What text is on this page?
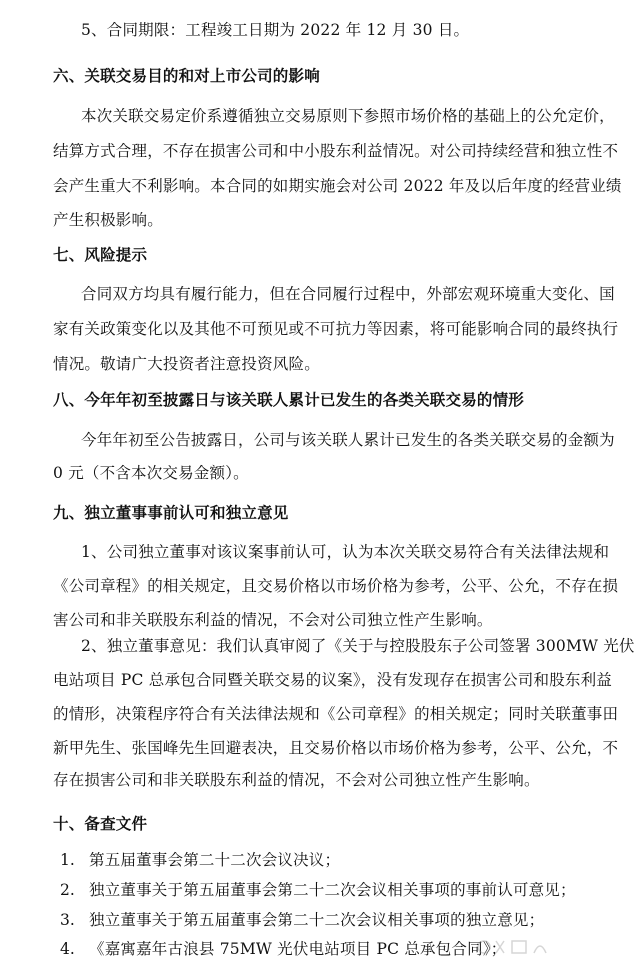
5、合同期限：工程竣工日期为 2022 年 12 月 30 日。
六、关联交易目的和对上市公司的影响
本次关联交易定价系遵循独立交易原则下参照市场价格的基础上的公允定价，
结算方式合理，不存在损害公司和中小股东利益情况。对公司持续经营和独立性不
会产生重大不利影响。本合同的如期实施会对公司 2022 年及以后年度的经营业绩
产生积极影响。
七、风险提示
合同双方均具有履行能力，但在合同履行过程中，外部宏观环境重大变化、国
家有关政策变化以及其他不可预见或不可抗力等因素，将可能影响合同的最终执行
情况。敬请广大投资者注意投资风险。
八、今年年初至披露日与该关联人累计已发生的各类关联交易的情形
今年年初至公告披露日，公司与该关联人累计已发生的各类关联交易的金额为
0 元（不含本次交易金额）。
九、独立董事事前认可和独立意见
1、公司独立董事对该议案事前认可，认为本次关联交易符合有关法律法规和
《公司章程》的相关规定，且交易价格以市场价格为参考，公平、公允，不存在损
害公司和非关联股东利益的情况，不会对公司独立性产生影响。
2、独立董事意见：我们认真审阅了《关于与控股股东子公司签署 300MW 光伏
电站项目 PC 总承包合同暨关联交易的议案》，没有发现存在损害公司和股东利益
的情形，决策程序符合有关法律法规和《公司章程》的相关规定；同时关联董事田
新甲先生、张国峰先生回避表决，且交易价格以市场价格为参考，公平、公允，不
存在损害公司和非关联股东利益的情况，不会对公司独立性产生影响。
十、备查文件
1. 第五届董事会第二十二次会议决议；
2. 独立董事关于第五届董事会第二十二次会议相关事项的事前认可意见；
3. 独立董事关于第五届董事会第二十二次会议相关事项的独立意见；
4. 《嘉寓嘉年古浪县 75MW 光伏电站项目 PC 总承包合同》；
